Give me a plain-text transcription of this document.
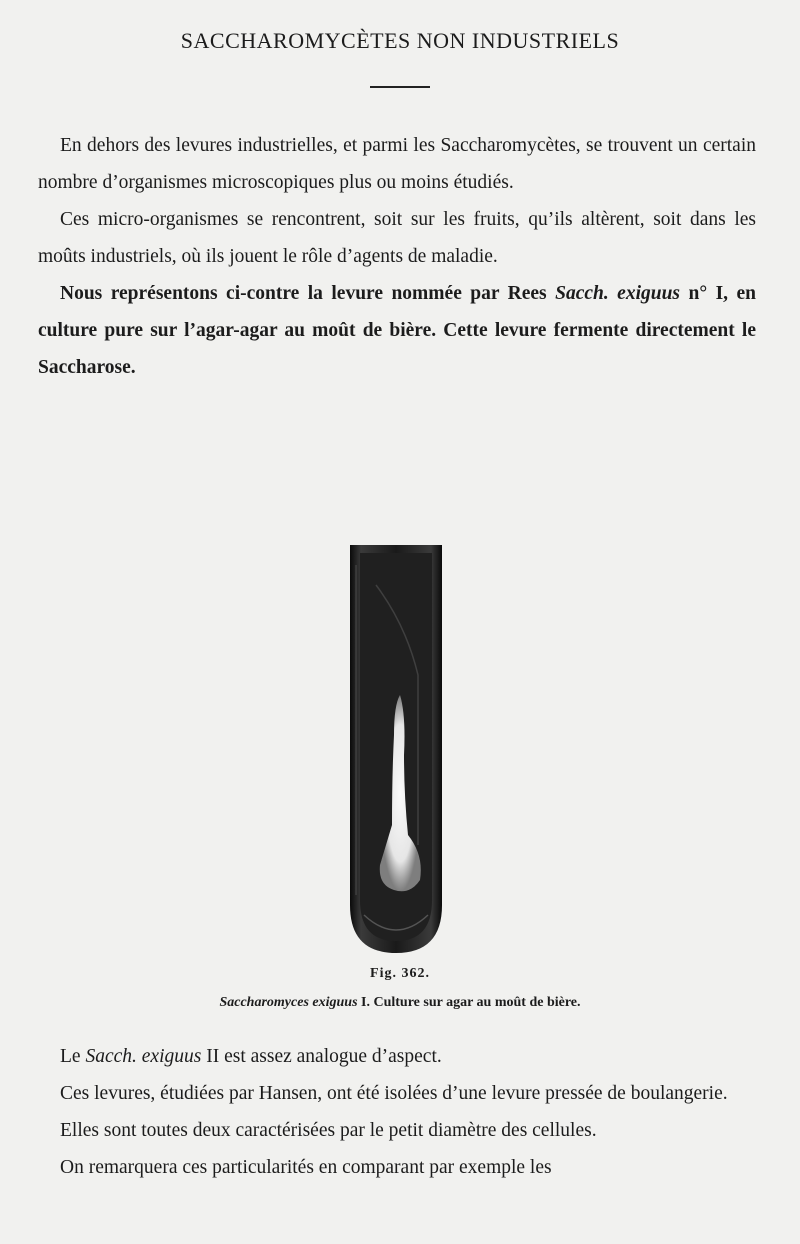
SACCHAROMYCÈTES NON INDUSTRIELS

En dehors des levures industrielles, et parmi les Saccharomycètes, se trouvent un certain nombre d’organismes microscopiques plus ou moins étudiés.

Ces micro-organismes se rencontrent, soit sur les fruits, qu’ils altèrent, soit dans les moûts industriels, où ils jouent le rôle d’agents de maladie.

Nous représentons ci-contre la levure nommée par Rees Sacch. exiguus n° I, en culture pure sur l’agar-agar au moût de bière. Cette levure fermente directement le Saccharose.

Fig. 362.
Saccharomyces exiguus I. Culture sur agar au moût de bière.

Le Sacch. exiguus II est assez analogue d’aspect.

Ces levures, étudiées par Hansen, ont été isolées d’une levure pressée de boulangerie.

Elles sont toutes deux caractérisées par le petit diamètre des cellules.

On remarquera ces particularités en comparant par exemple les
